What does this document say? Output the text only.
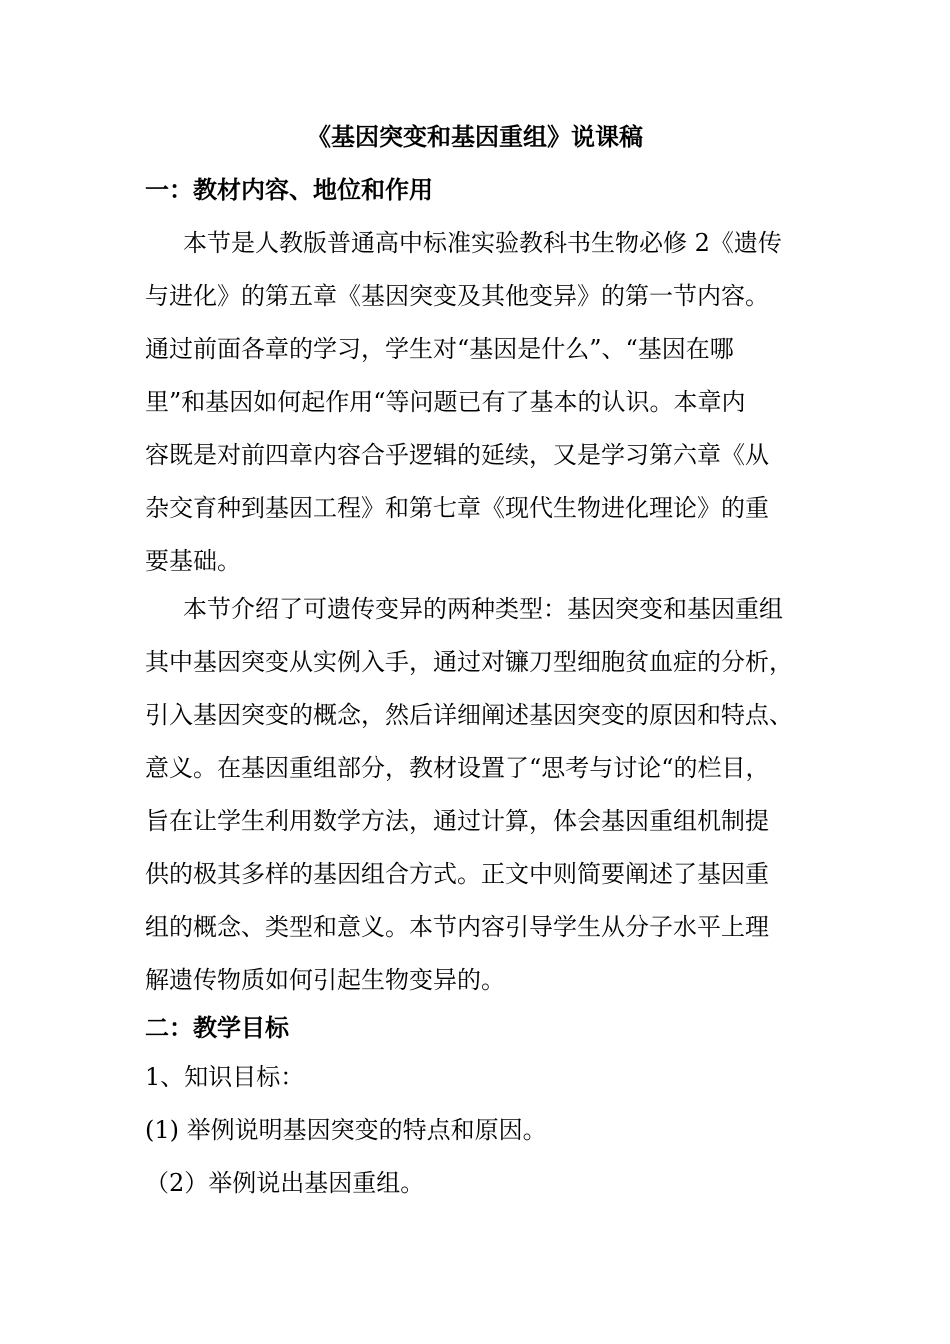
《基因突变和基因重组》说课稿
一：教材内容、地位和作用
本节是人教版普通高中标准实验教科书生物必修 2《遗传
与进化》的第五章《基因突变及其他变异》的第一节内容。
通过前面各章的学习，学生对“基因是什么”、“基因在哪
里”和基因如何起作用“等问题已有了基本的认识。本章内
容既是对前四章内容合乎逻辑的延续，又是学习第六章《从
杂交育种到基因工程》和第七章《现代生物进化理论》的重
要基础。
本节介绍了可遗传变异的两种类型：基因突变和基因重组
其中基因突变从实例入手，通过对镰刀型细胞贫血症的分析，
引入基因突变的概念，然后详细阐述基因突变的原因和特点、
意义。在基因重组部分，教材设置了“思考与讨论“的栏目，
旨在让学生利用数学方法，通过计算，体会基因重组机制提
供的极其多样的基因组合方式。正文中则简要阐述了基因重
组的概念、类型和意义。本节内容引导学生从分子水平上理
解遗传物质如何引起生物变异的。
二：教学目标
1、知识目标：
(1) 举例说明基因突变的特点和原因。
（2）举例说出基因重组。
